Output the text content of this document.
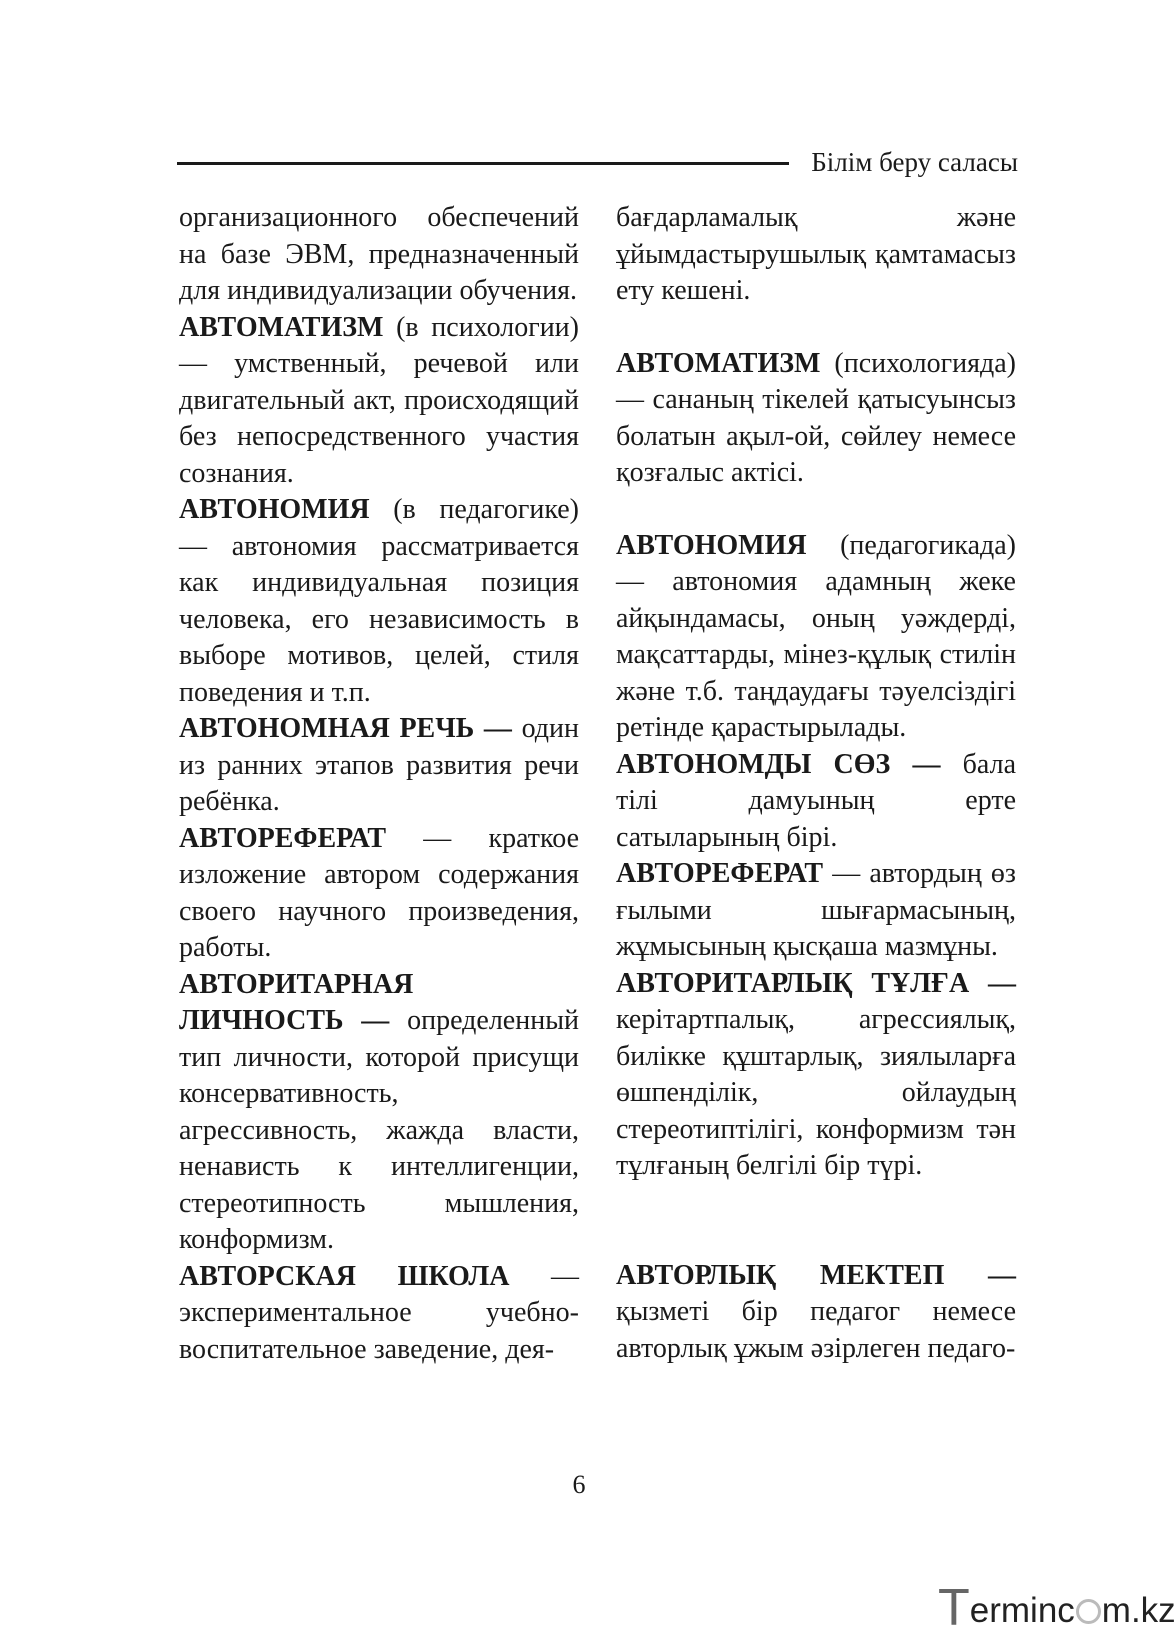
Білім беру саласы

организационного обеспечений на базе ЭВМ, предназначенный для индивидуализации обучения.

АВТОМАТИЗМ (в психологии) — умственный, речевой или двигательный акт, происходящий без непосредственного участия сознания.

АВТОНОМИЯ (в педагогике) — автономия рассматривается как индивидуальная позиция человека, его независимость в выборе мотивов, целей, стиля поведения и т.п.

АВТОНОМНАЯ РЕЧЬ — один из ранних этапов развития речи ребёнка.

АВТОРЕФЕРАТ — краткое изложение автором содержания своего научного произведения, работы.

АВТОРИТАРНАЯ ЛИЧНОСТЬ — определенный тип личности, которой присущи консервативность, агрессивность, жажда власти, ненависть к интеллигенции, стереотипность мышления, конформизм.

АВТОРСКАЯ ШКОЛА — экспериментальное учебно-воспитательное заведение, дея-

бағдарламалық және ұйымдастырушылық қамтамасыз ету кешені.

АВТОМАТИЗМ (психологияда) — сананың тікелей қатысуынсыз болатын ақыл-ой, сөйлеу немесе қозғалыс актісі.

АВТОНОМИЯ (педагогикада) — автономия адамның жеке айқындамасы, оның уәждерді, мақсаттарды, мінез-құлық стилін және т.б. таңдаудағы тәуелсіздігі ретінде қарастырылады.

АВТОНОМДЫ СӨЗ — бала тілі дамуының ерте сатыларының бірі.

АВТОРЕФЕРАТ — автордың өз ғылыми шығармасының, жұмысының қысқаша мазмұны.

АВТОРИТАРЛЫҚ ТҰЛҒА — керітартпалық, агрессиялық, билікке құштарлық, зиялыларға өшпенділік, ойлаудың стереотиптілігі, конформизм тән тұлғаның белгілі бір түрі.

АВТОРЛЫҚ МЕКТЕП — қызметі бір педагог немесе авторлық ұжым әзірлеген педаго-

6
Terminc m.kz
